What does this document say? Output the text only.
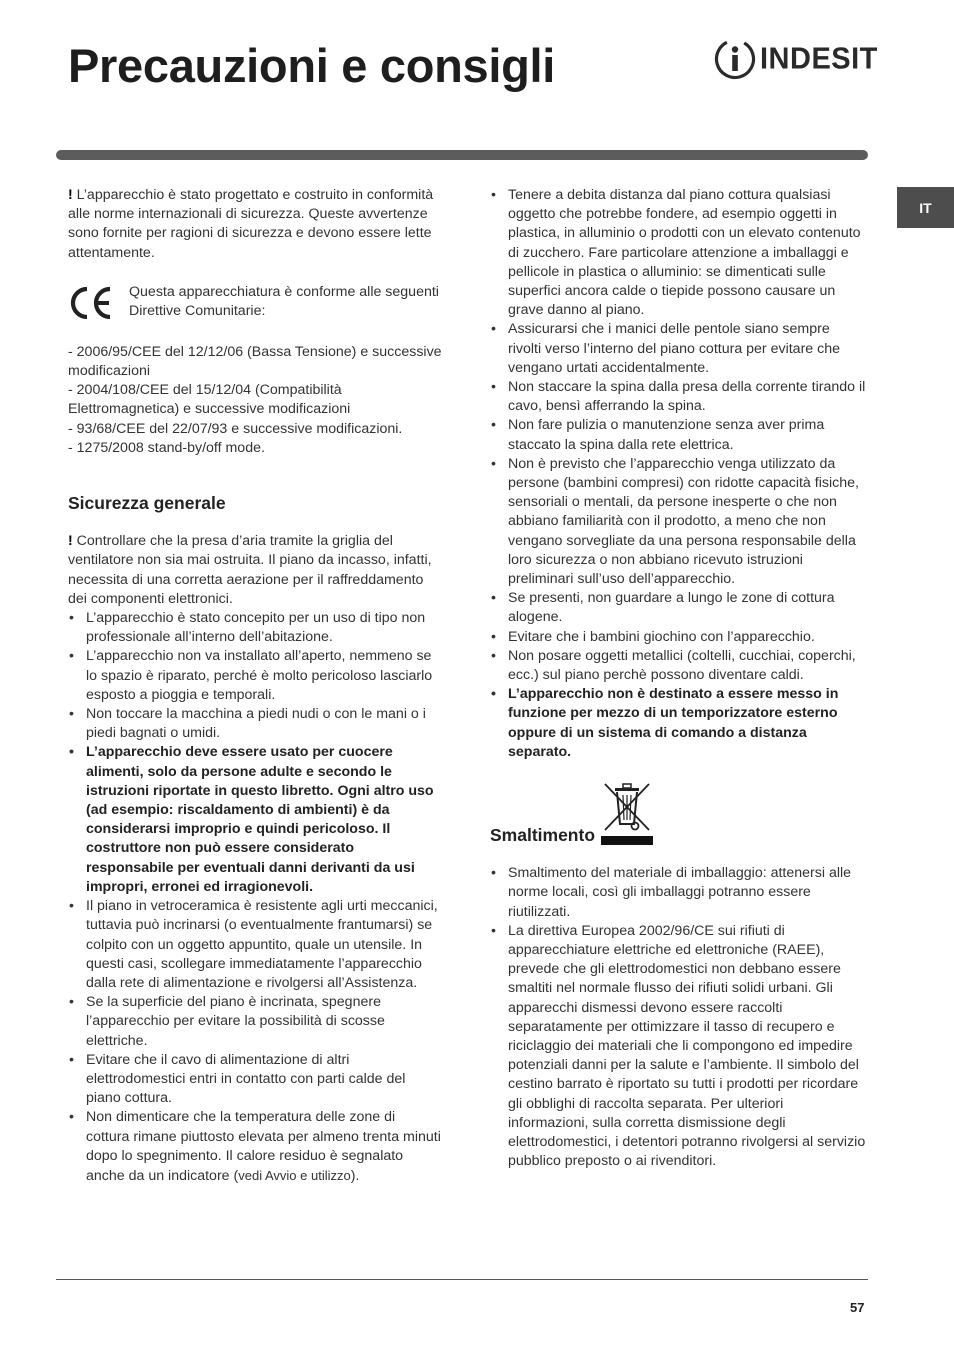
Precauzioni e consigli	INDESIT
IT

! L’apparecchio è stato progettato e costruito in conformità alle norme internazionali di sicurezza. Queste avvertenze sono fornite per ragioni di sicurezza e devono essere lette attentamente.

Questa apparecchiatura è conforme alle seguenti Direttive Comunitarie:

- 2006/95/CEE del 12/12/06 (Bassa Tensione) e successive modificazioni

- 2004/108/CEE del 15/12/04 (Compatibilità Elettromagnetica) e successive modificazioni

- 93/68/CEE del 22/07/93 e successive modificazioni.

- 1275/2008 stand-by/off mode.

Sicurezza generale

! Controllare che la presa d’aria tramite la griglia del ventilatore non sia mai ostruita. Il piano da incasso, infatti, necessita di una corretta aerazione per il raffreddamento dei componenti elettronici.

• L’apparecchio è stato concepito per un uso di tipo non professionale all’interno dell’abitazione.
• L’apparecchio non va installato all’aperto, nemmeno se lo spazio è riparato, perché è molto pericoloso lasciarlo esposto a pioggia e temporali.
• Non toccare la macchina a piedi nudi o con le mani o i piedi bagnati o umidi.
• L’apparecchio deve essere usato per cuocere alimenti, solo da persone adulte e secondo le istruzioni riportate in questo libretto. Ogni altro uso (ad esempio: riscaldamento di ambienti) è da considerarsi improprio e quindi pericoloso. Il costruttore non può essere considerato responsabile per eventuali danni derivanti da usi impropri, erronei ed irragionevoli.
• Il piano in vetroceramica è resistente agli urti meccanici, tuttavia può incrinarsi (o eventualmente frantumarsi) se colpito con un oggetto appuntito, quale un utensile. In questi casi, scollegare immediatamente l’apparecchio dalla rete di alimentazione e rivolgersi all’Assistenza.
• Se la superficie del piano è incrinata, spegnere l’apparecchio per evitare la possibilità di scosse elettriche.
• Evitare che il cavo di alimentazione di altri elettrodomestici entri in contatto con parti calde del piano cottura.
• Non dimenticare che la temperatura delle zone di cottura rimane piuttosto elevata per almeno trenta minuti dopo lo spegnimento. Il calore residuo è segnalato anche da un indicatore (vedi Avvio e utilizzo).
• Tenere a debita distanza dal piano cottura qualsiasi oggetto che potrebbe fondere, ad esempio oggetti in plastica, in alluminio o prodotti con un elevato contenuto di zucchero. Fare particolare attenzione a imballaggi e pellicole in plastica o alluminio: se dimenticati sulle superfici ancora calde o tiepide possono causare un grave danno al piano.
• Assicurarsi che i manici delle pentole siano sempre rivolti verso l’interno del piano cottura per evitare che vengano urtati accidentalmente.
• Non staccare la spina dalla presa della corrente tirando il cavo, bensì afferrando la spina.
• Non fare pulizia o manutenzione senza aver prima staccato la spina dalla rete elettrica.
• Non è previsto che l’apparecchio venga utilizzato da persone (bambini compresi) con ridotte capacità fisiche, sensoriali o mentali, da persone inesperte o che non abbiano familiarità con il prodotto, a meno che non vengano sorvegliate da una persona responsabile della loro sicurezza o non abbiano ricevuto istruzioni preliminari sull’uso dell’apparecchio.
• Se presenti, non guardare a lungo le zone di cottura alogene.
• Evitare che i bambini giochino con l’apparecchio.
• Non posare oggetti metallici (coltelli, cucchiai, coperchi, ecc.) sul piano perchè possono diventare caldi.
• L’apparecchio non è destinato a essere messo in funzione per mezzo di un temporizzatore esterno oppure di un sistema di comando a distanza separato.
Smaltimento
• Smaltimento del materiale di imballaggio: attenersi alle norme locali, così gli imballaggi potranno essere riutilizzati.
• La direttiva Europea 2002/96/CE sui rifiuti di apparecchiature elettriche ed elettroniche (RAEE), prevede che gli elettrodomestici non debbano essere smaltiti nel normale flusso dei rifiuti solidi urbani. Gli apparecchi dismessi devono essere raccolti separatamente per ottimizzare il tasso di recupero e riciclaggio dei materiali che li compongono ed impedire potenziali danni per la salute e l’ambiente. Il simbolo del cestino barrato è riportato su tutti i prodotti per ricordare gli obblighi di raccolta separata. Per ulteriori informazioni, sulla corretta dismissione degli elettrodomestici, i detentori potranno rivolgersi al servizio pubblico preposto o ai rivenditori.
57
